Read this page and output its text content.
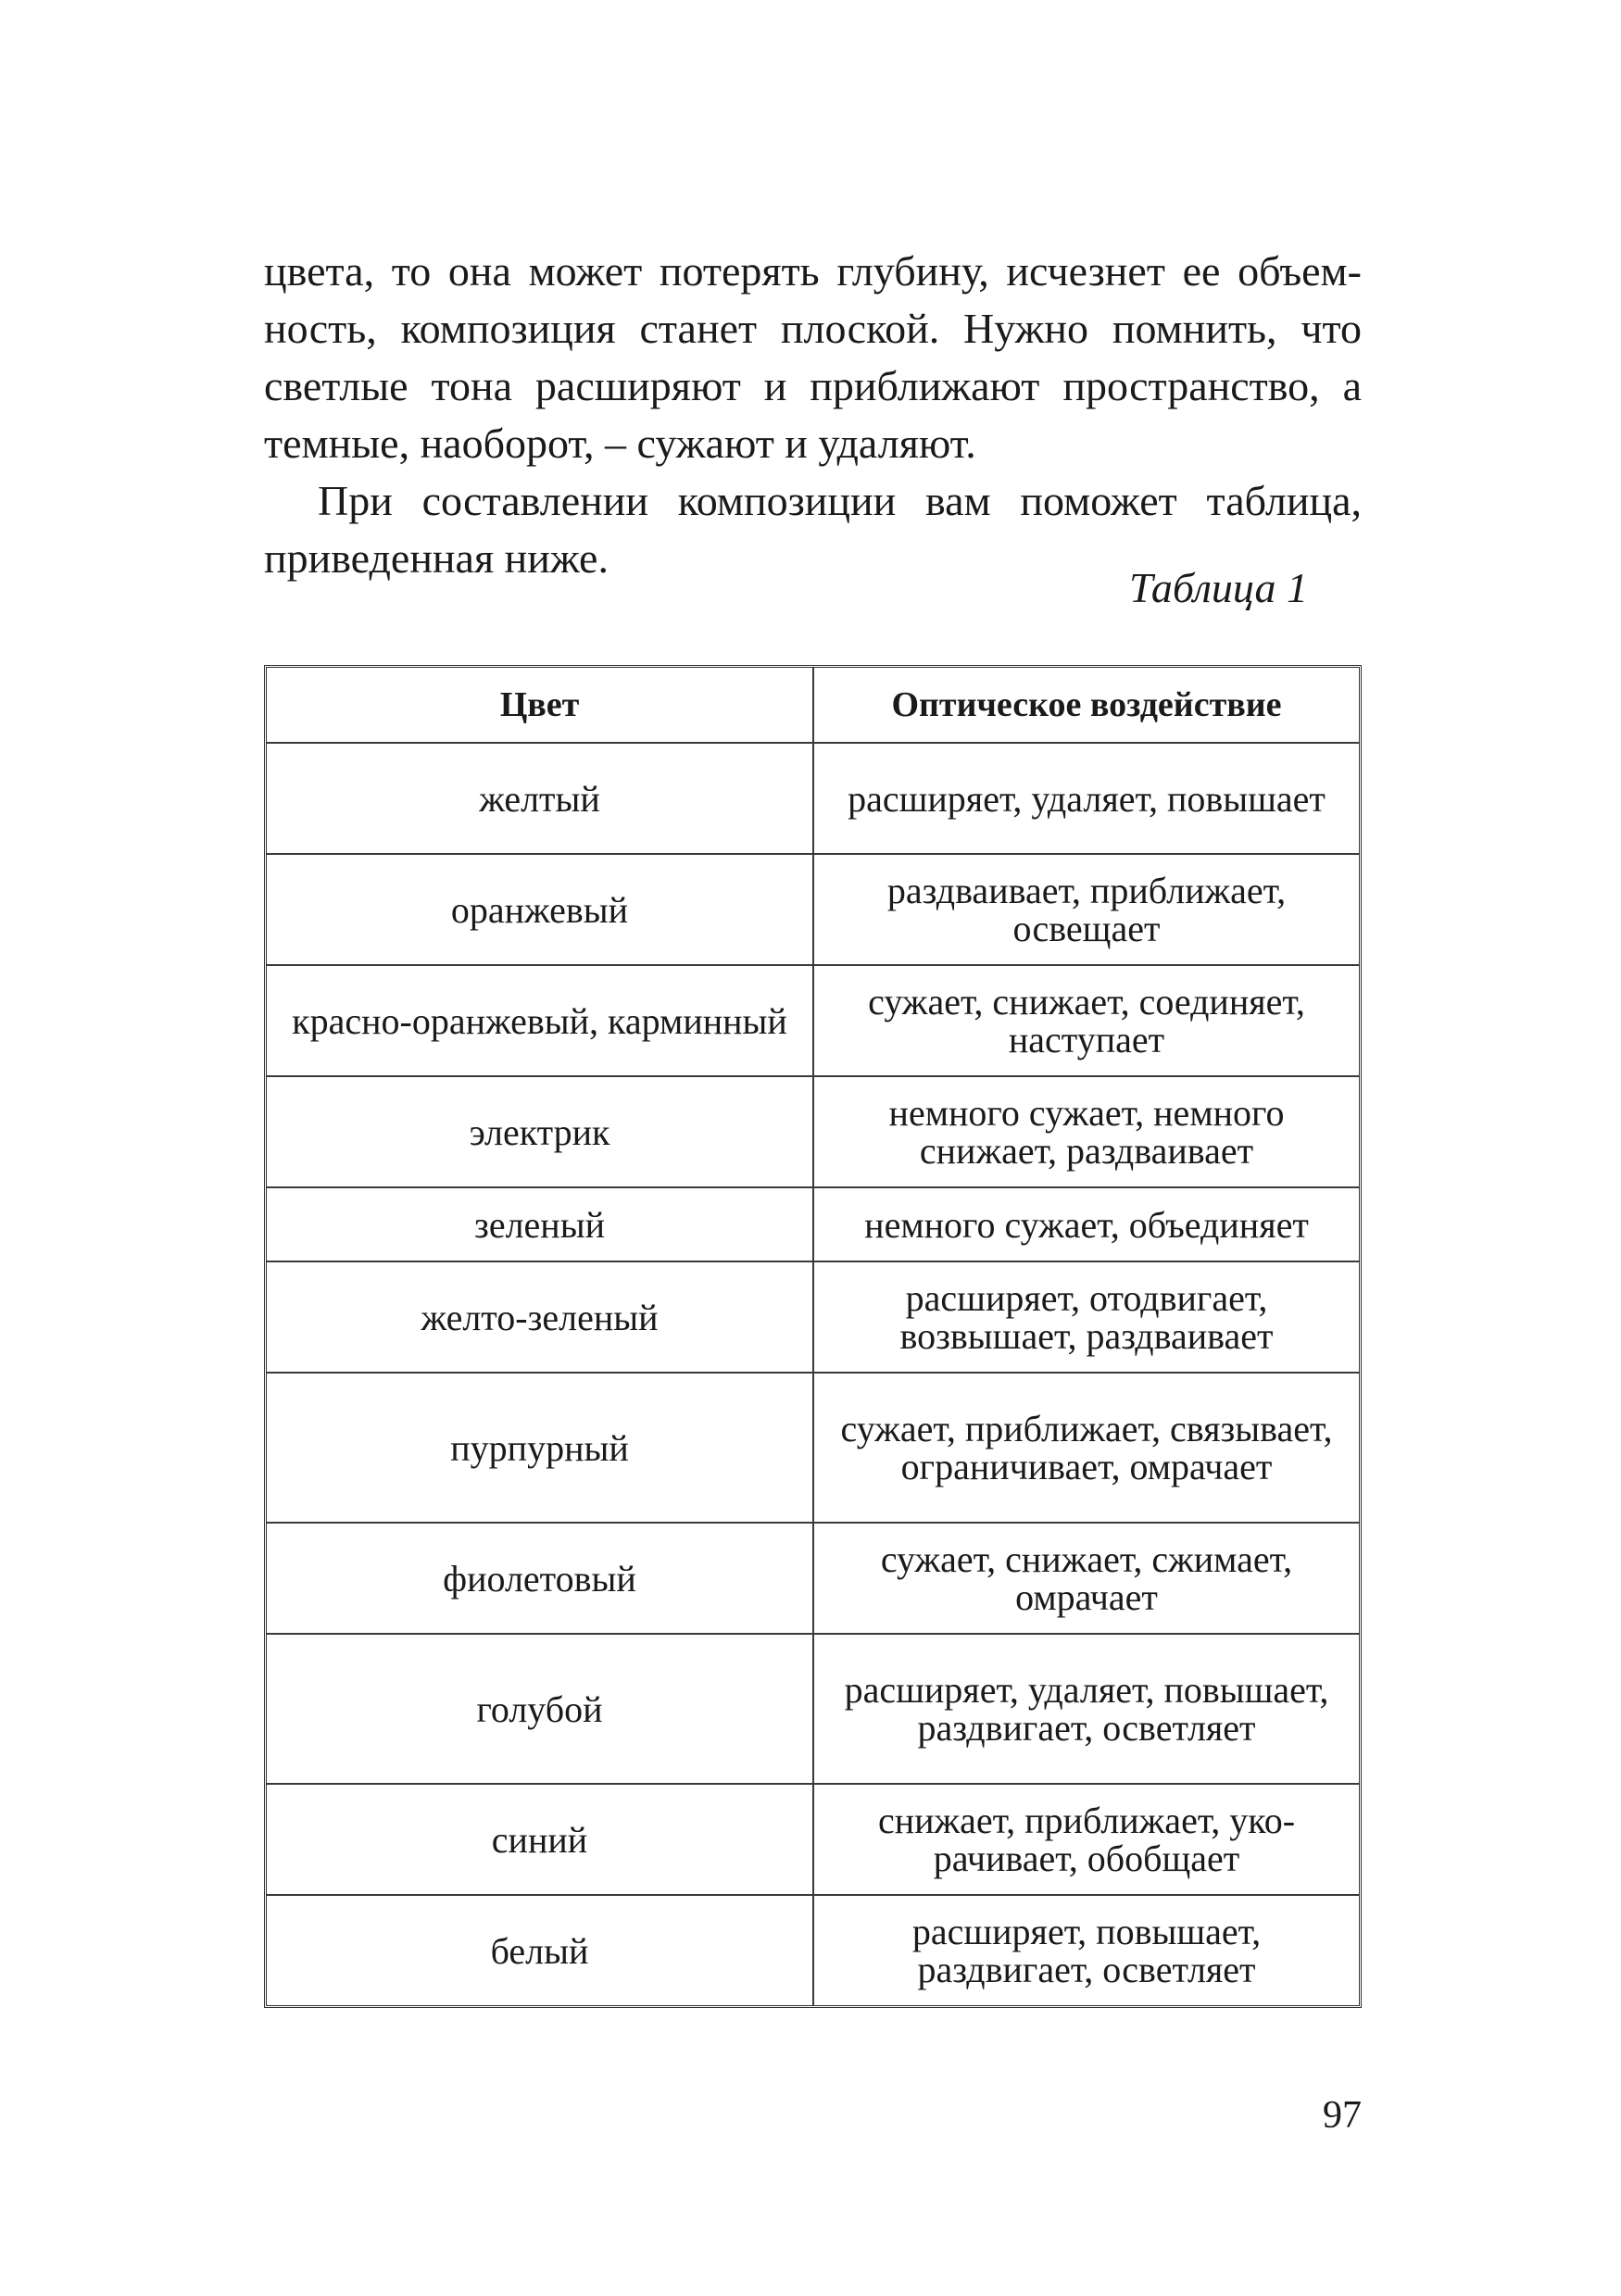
цвета, то она может потерять глубину, исчезнет ее объемность, композиция станет плоской. Нужно помнить, что светлые тона расширяют и приближают пространство, а темные, наоборот, – сужают и удаляют.

При составлении композиции вам поможет таблица, приведенная ниже.

Таблица 1
Цвет	Оптическое воздействие
желтый	расширяет, удаляет, повышает
оранжевый	раздваивает, приближает, освещает
красно-оранжевый, карминный	сужает, снижает, соединяет, наступает
электрик	немного сужает, немного снижает, раздваивает
зеленый	немного сужает, объединяет
желто-зеленый	расширяет, отодвигает, возвышает, раздваивает
пурпурный	сужает, приближает, связывает, ограничивает, омрачает
фиолетовый	сужает, снижает, сжимает, омрачает
голубой	расширяет, удаляет, повышает, раздвигает, осветляет
синий	снижает, приближает, укорачивает, обобщает
белый	расширяет, повышает, раздвигает, осветляет
97
